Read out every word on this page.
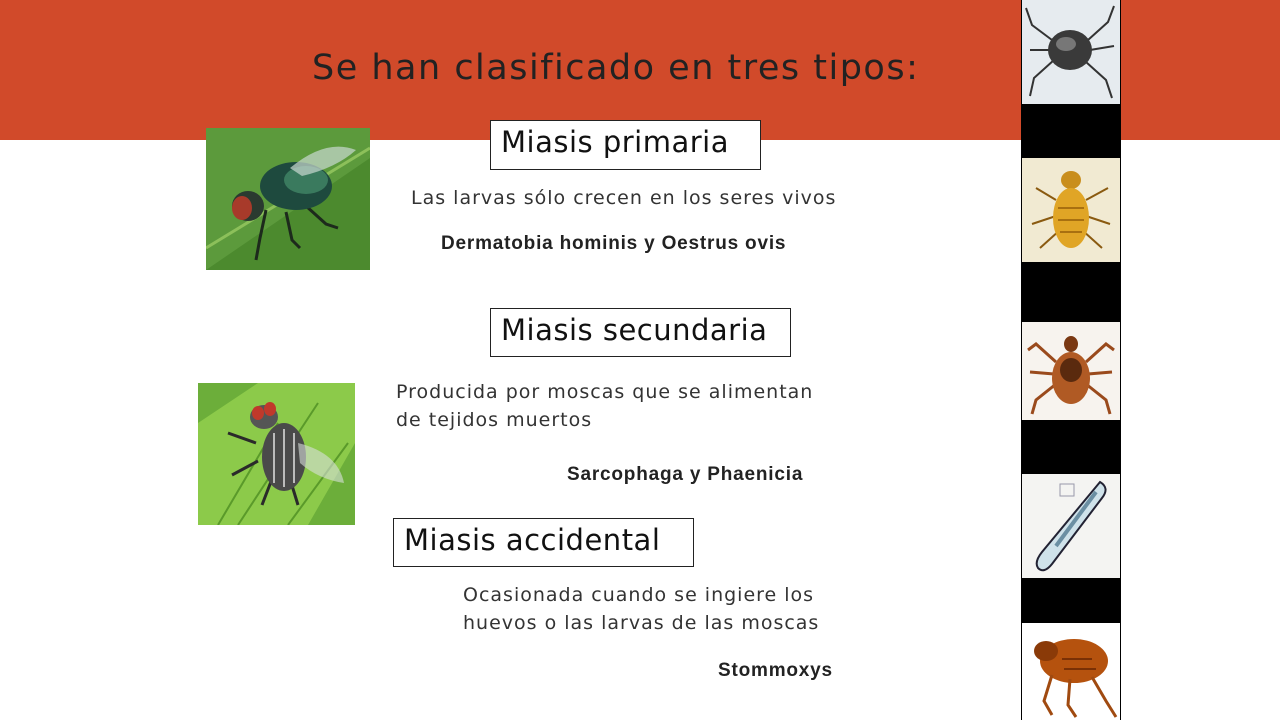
Se han clasificado en tres tipos:
Miasis primaria
Las larvas sólo crecen en los seres vivos
Dermatobia hominis y Oestrus ovis
Miasis secundaria
Producida por moscas que se alimentan
de tejidos muertos
Sarcophaga y Phaenicia
Miasis accidental
Ocasionada cuando se ingiere los
huevos o las larvas de las moscas
Stommoxys
